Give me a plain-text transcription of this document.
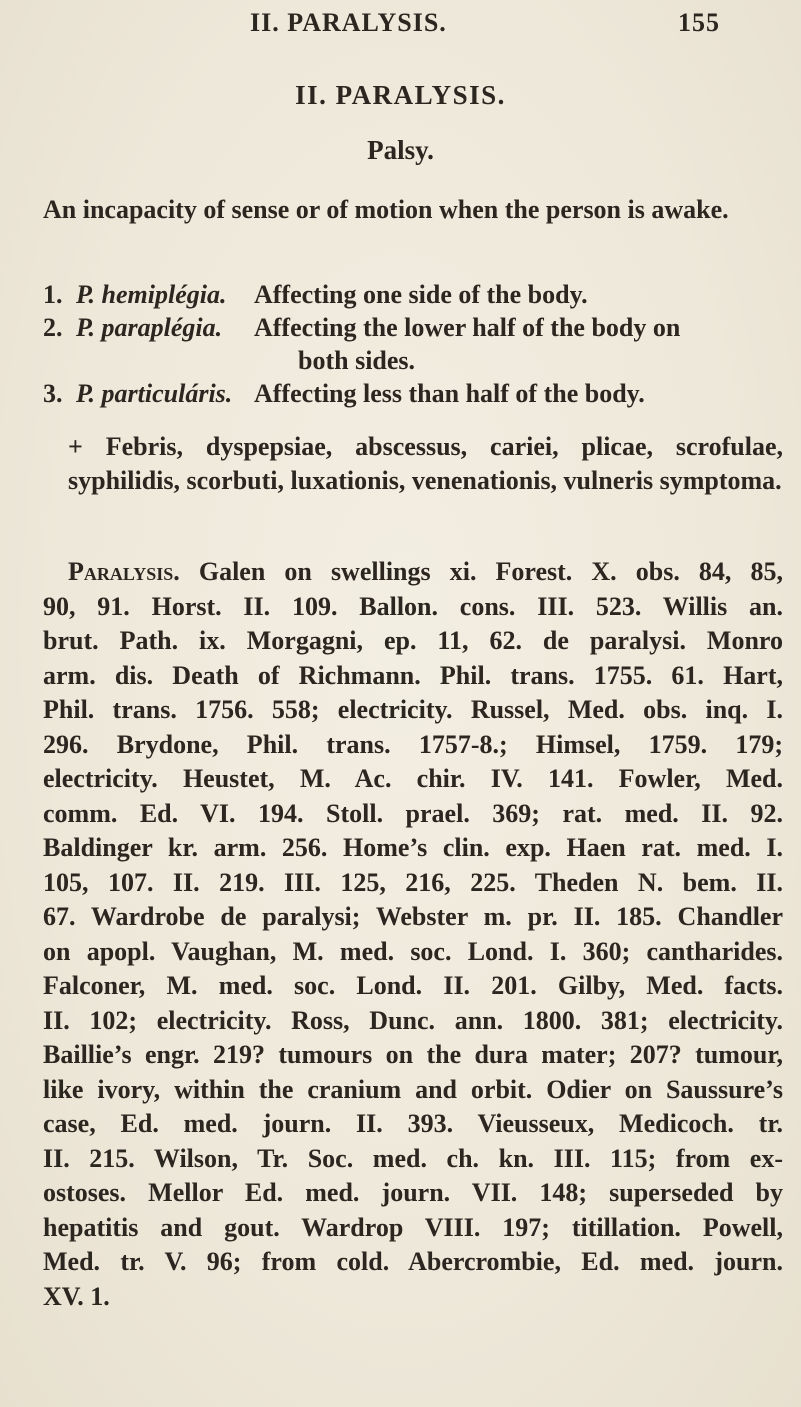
II. PARALYSIS.	155
II. PARALYSIS.
Palsy.
An incapacity of sense or of motion when the person is awake.
1. P. hemiplégia. Affecting one side of the body.
2. P. paraplégia. Affecting the lower half of the body on
both sides.
3. P. particuláris. Affecting less than half of the body.
+ Febris, dyspepsiae, abscessus, cariei, plicae, scrofulae, syphilidis, scorbuti, luxationis, venenationis, vulneris symptoma.
Paralysis. Galen on swellings xi. Forest. X. obs. 84, 85,
90, 91. Horst. II. 109. Ballon. cons. III. 523. Willis an.
brut. Path. ix. Morgagni, ep. 11, 62. de paralysi. Monro
arm. dis. Death of Richmann. Phil. trans. 1755. 61. Hart,
Phil. trans. 1756. 558; electricity. Russel, Med. obs. inq. I.
296. Brydone, Phil. trans. 1757-8.; Himsel, 1759. 179;
electricity. Heustet, M. Ac. chir. IV. 141. Fowler, Med.
comm. Ed. VI. 194. Stoll. prael. 369; rat. med. II. 92.
Baldinger kr. arm. 256. Home’s clin. exp. Haen rat. med. I.
105, 107. II. 219. III. 125, 216, 225. Theden N. bem. II.
67. Wardrobe de paralysi; Webster m. pr. II. 185. Chandler
on apopl. Vaughan, M. med. soc. Lond. I. 360; cantharides.
Falconer, M. med. soc. Lond. II. 201. Gilby, Med. facts.
II. 102; electricity. Ross, Dunc. ann. 1800. 381; electricity.
Baillie’s engr. 219? tumours on the dura mater; 207? tumour,
like ivory, within the cranium and orbit. Odier on Saussure’s
case, Ed. med. journ. II. 393. Vieusseux, Medicoch. tr.
II. 215. Wilson, Tr. Soc. med. ch. kn. III. 115; from ex-
ostoses. Mellor Ed. med. journ. VII. 148; superseded by
hepatitis and gout. Wardrop VIII. 197; titillation. Powell,
Med. tr. V. 96; from cold. Abercrombie, Ed. med. journ.
XV. 1.
